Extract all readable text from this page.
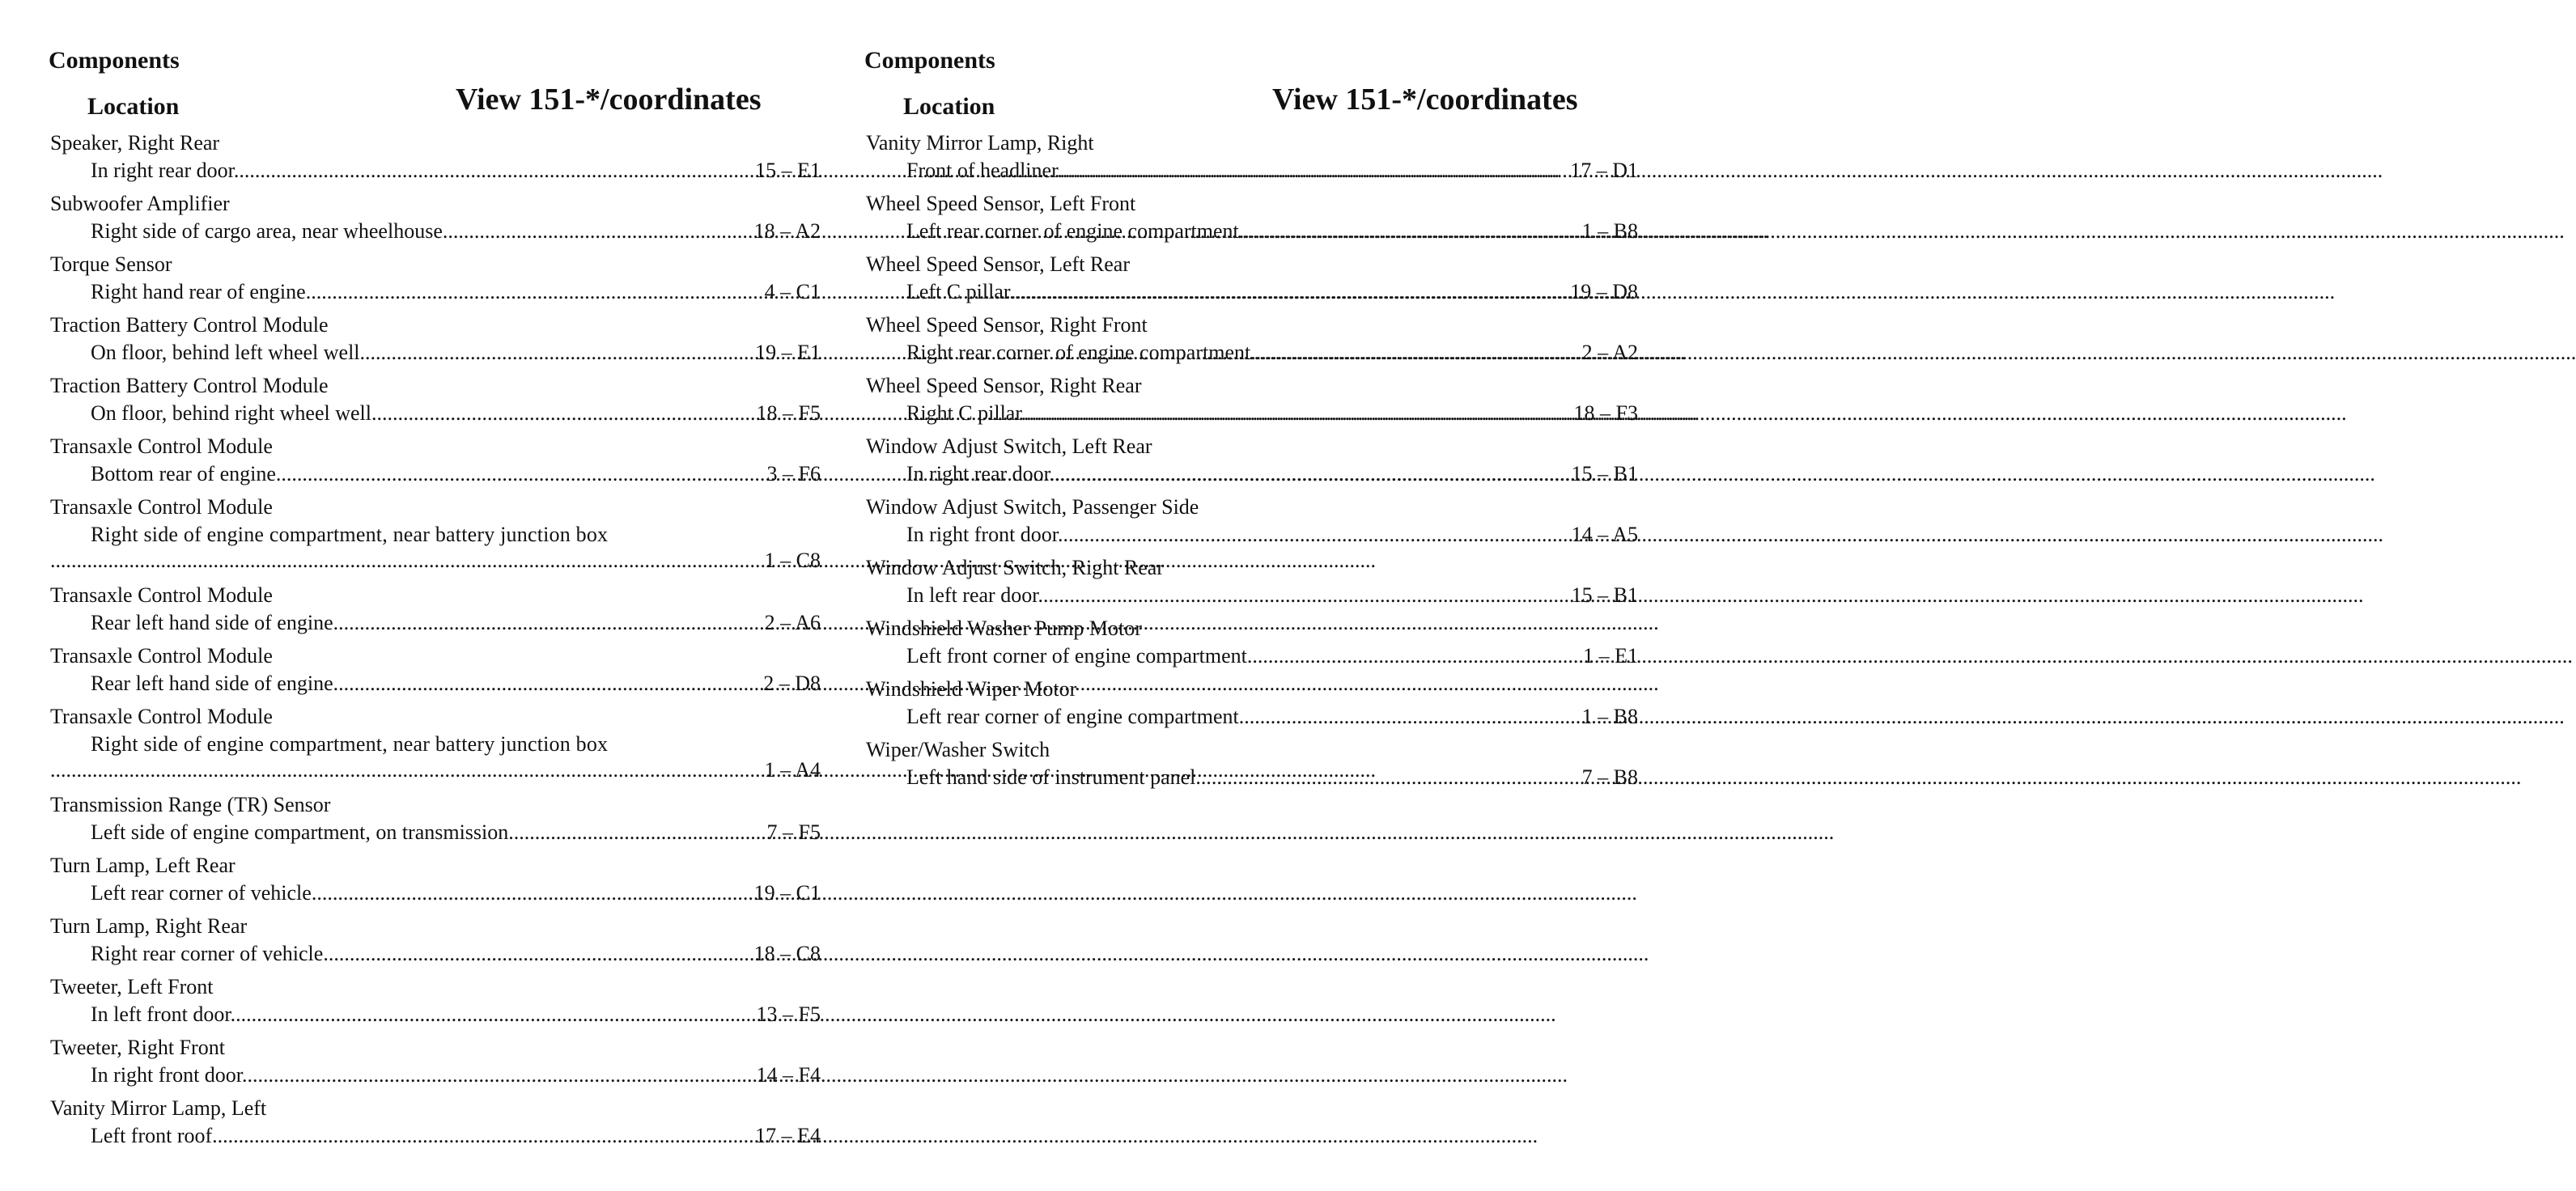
Components
Location	View 151-*/coordinates
Speaker, Right Rear
In right rear door .....	15 – E1
Subwoofer Amplifier
Right side of cargo area, near wheelhouse .....	18 – A2
Torque Sensor
Right hand rear of engine .....	4 – C1
Traction Battery Control Module
On floor, behind left wheel well .....	19 – E1
Traction Battery Control Module
On floor, behind right wheel well .....	18 – F5
Transaxle Control Module
Bottom rear of engine .....	3 – F6
Transaxle Control Module
Right side of engine compartment, near battery junction box
.....
1 – C8
Transaxle Control Module
Rear left hand side of engine .....	2 – A6
Transaxle Control Module
Rear left hand side of engine .....	2 – D8
Transaxle Control Module
Right side of engine compartment, near battery junction box
.....
1 – A4
Transmission Range (TR) Sensor
Left side of engine compartment, on transmission .....	7 – F5
Turn Lamp, Left Rear
Left rear corner of vehicle .....	19 – C1
Turn Lamp, Right Rear
Right rear corner of vehicle .....	18 – C8
Tweeter, Left Front
In left front door .....	13 – F5
Tweeter, Right Front
In right front door .....	14 – F4
Vanity Mirror Lamp, Left
Left front roof .....	17 – E4
Components
Location	View 151-*/coordinates
Vanity Mirror Lamp, Right
Front of headliner .....	17 – D1
Wheel Speed Sensor, Left Front
Left rear corner of engine compartment .....	1 – B8
Wheel Speed Sensor, Left Rear
Left C pillar .....	19 – D8
Wheel Speed Sensor, Right Front
Right rear corner of engine compartment .....	2 – A2
Wheel Speed Sensor, Right Rear
Right C pillar .....	18 – F3
Window Adjust Switch, Left Rear
In right rear door .....	15 – B1
Window Adjust Switch, Passenger Side
In right front door .....	14 – A5
Window Adjust Switch, Right Rear
In left rear door .....	15 – B1
Windshield Washer Pump Motor
Left front corner of engine compartment .....	1 – E1
Windshield Wiper Motor
Left rear corner of engine compartment .....	1 – B8
Wiper/Washer Switch
Left hand side of instrument panel .....	7 – B8
